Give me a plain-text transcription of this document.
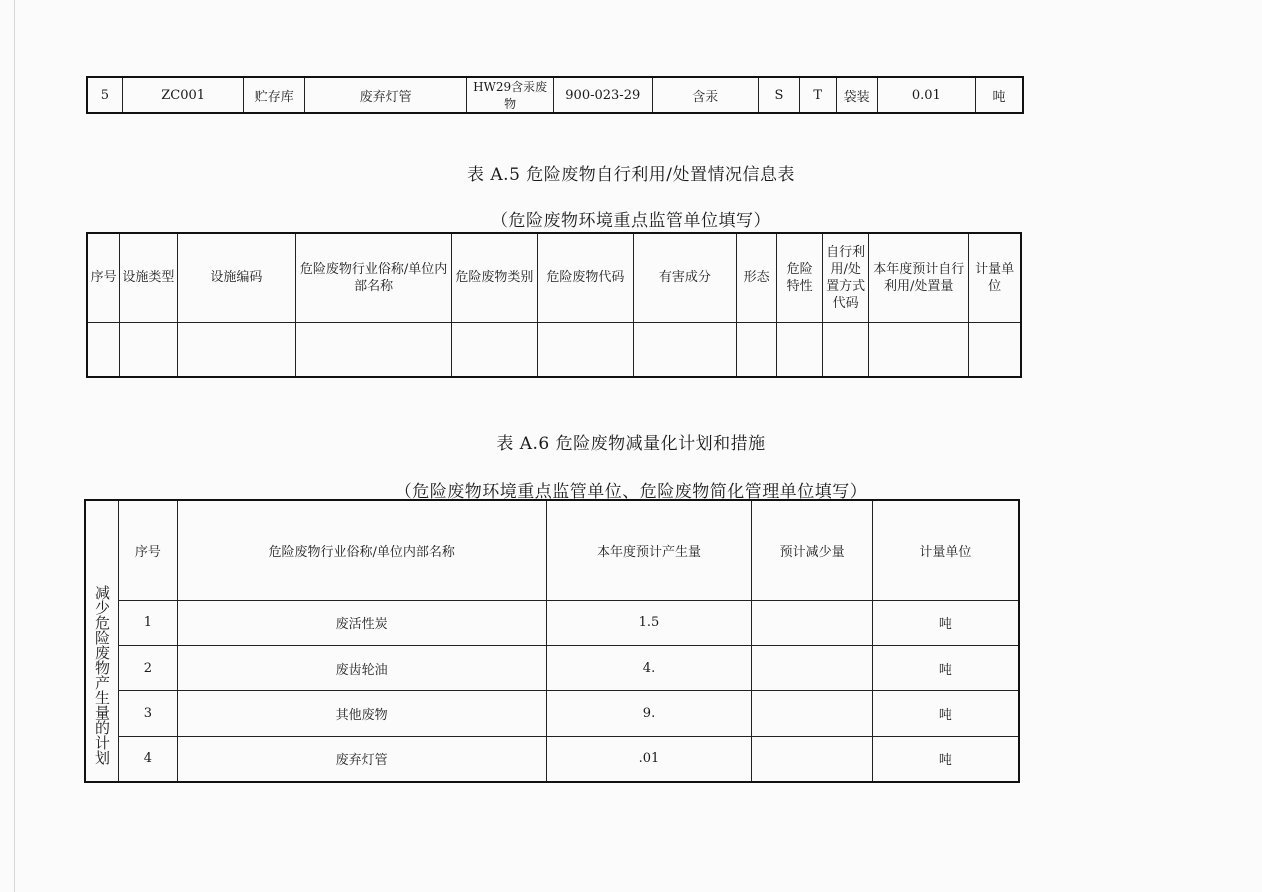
5	ZC001	贮存库	废弃灯管	HW29含汞废物	900-023-29	含汞	S	T	袋装	0.01	吨
表 A.5 危险废物自行利用/处置情况信息表
（危险废物环境重点监管单位填写）
序号	设施类型	设施编码	危险废物行业俗称/单位内部名称	危险废物类别	危险废物代码	有害成分	形态	危险特性	自行利用/处置方式代码	本年度预计自行利用/处置量	计量单位

表 A.6 危险废物减量化计划和措施
（危险废物环境重点监管单位、危险废物简化管理单位填写）
减少危险废物产生量的计划	序号	危险废物行业俗称/单位内部名称	本年度预计产生量	预计减少量	计量单位
	1	废活性炭	1.5		吨
	2	废齿轮油	4.		吨
	3	其他废物	9.		吨
	4	废弃灯管	.01		吨
